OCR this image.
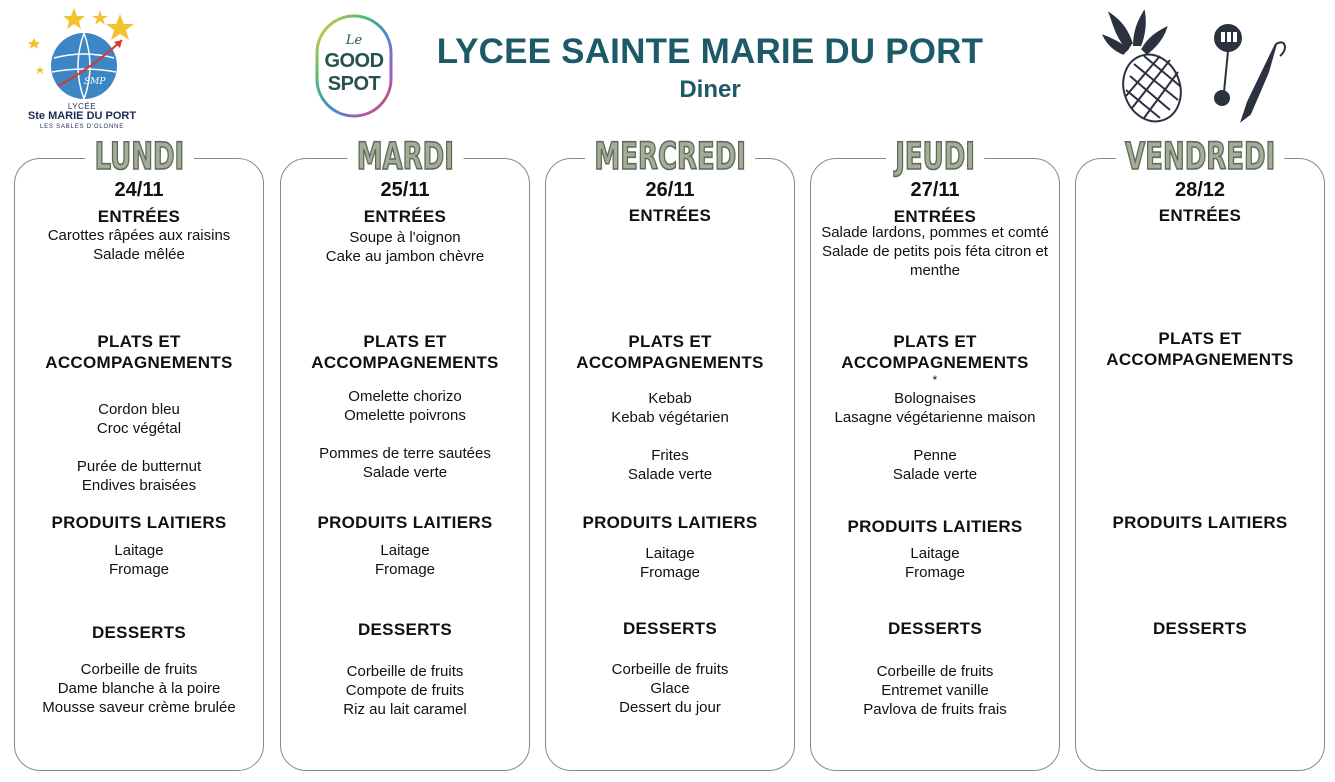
SMP
LYCÉE
Ste MARIE DU PORT
LES SABLES D'OLONNE
Le
GOOD
SPOT
LYCEE SAINTE MARIE DU PORT
Diner
LUNDI
24/11
ENTRÉES
Carottes râpées aux raisins
Salade mêlée
PLATS ET
ACCOMPAGNEMENTS
Cordon bleu
Croc végétal
Purée de butternut
Endives braisées
PRODUITS LAITIERS
Laitage
Fromage
DESSERTS
Corbeille de fruits
Dame blanche à la poire
Mousse saveur crème brulée
MARDI
25/11
ENTRÉES
Soupe à l'oignon
Cake au jambon chèvre
PLATS ET
ACCOMPAGNEMENTS
Omelette chorizo
Omelette poivrons
Pommes de terre sautées
Salade verte
PRODUITS LAITIERS
Laitage
Fromage
DESSERTS
Corbeille de fruits
Compote de fruits
Riz au lait caramel
MERCREDI
26/11
ENTRÉES
PLATS ET
ACCOMPAGNEMENTS
Kebab
Kebab végétarien
Frites
Salade verte
PRODUITS LAITIERS
Laitage
Fromage
DESSERTS
Corbeille de fruits
Glace
Dessert du jour
JEUDI
27/11
ENTRÉES
Salade lardons, pommes et comté
Salade de petits pois féta citron et
menthe
PLATS ET
ACCOMPAGNEMENTS
*
Bolognaises
Lasagne végétarienne maison
Penne
Salade verte
PRODUITS LAITIERS
Laitage
Fromage
DESSERTS
Corbeille de fruits
Entremet vanille
Pavlova de fruits frais
VENDREDI
28/12
ENTRÉES
PLATS ET
ACCOMPAGNEMENTS
PRODUITS LAITIERS
DESSERTS
